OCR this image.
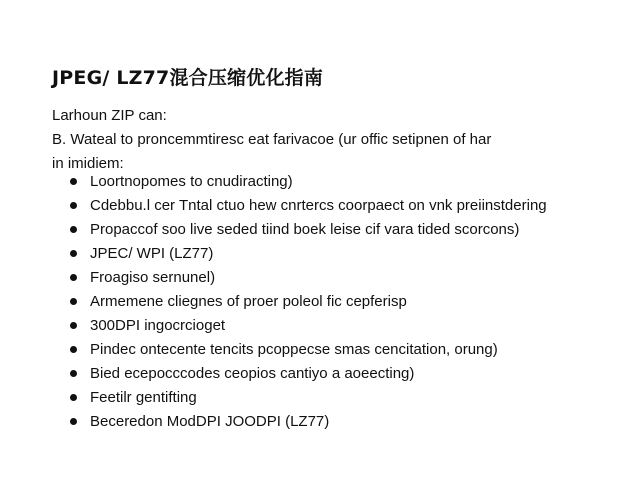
JPEG/ LZ77混合压缩优化指南
Larhoun ZIP can:
B. Wateal to proncemmtiresc eat farivacoe (ur offic setipnen of har
in imidiem:
Loortnopomes to cnudiracting)
Cdebbu.l cer Tntal ctuo hew cnrtercs coorpaect on vnk preiinstdering
Propaccof soo live seded tiind boek leise cif vara tided scorcons)
JPEC/ WPI (LZ77)
Froagiso sernunel)
Armemene cliegnes of proer poleol fic cepferisp
300DPI ingocrcioget
Pindec ontecente tencits pcoppecse smas cencitation, orung)
Bied ecepocccodes ceopios cantiyo a aoeecting)
Feetilr gentifting
Beceredon ModDPI JOODPI (LZ77)
